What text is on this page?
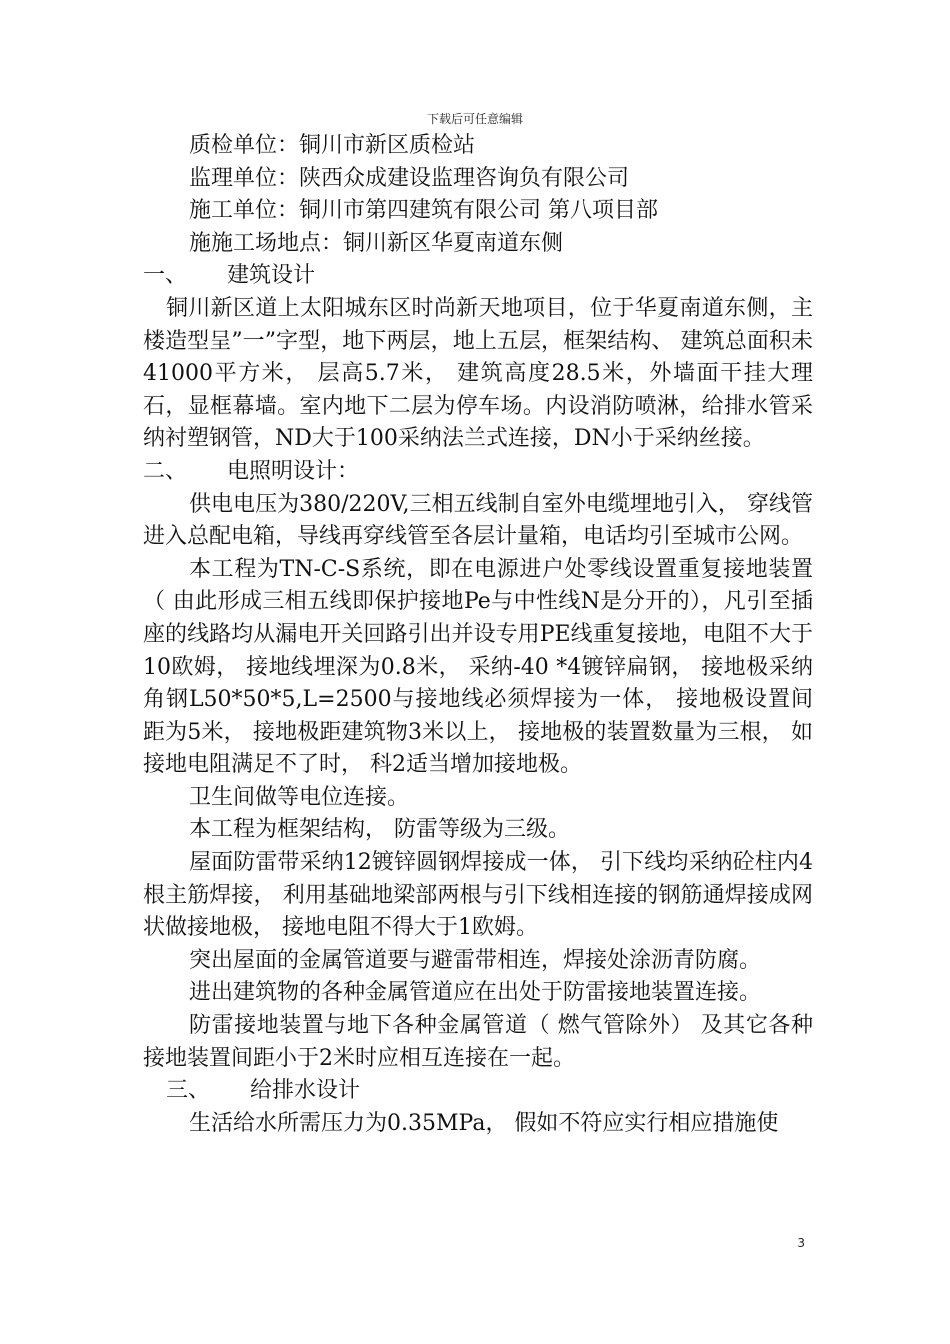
下载后可任意编辑

质检单位：铜川市新区质检站

监理单位：陕西众成建设监理咨询负有限公司

施工单位：铜川市第四建筑有限公司 第八项目部

施施工场地点：铜川新区华夏南道东侧

一、 建筑设计

铜川新区道上太阳城东区时尚新天地项目，位于华夏南道东侧，主楼造型呈”一”字型，地下两层，地上五层，框架结构、 建筑总面积未41000平方米， 层高5.7米， 建筑高度28.5米，外墙面干挂大理石，显框幕墙。室内地下二层为停车场。内设消防喷淋，给排水管采纳衬塑钢管，ND大于100采纳法兰式连接，DN小于采纳丝接。

二、 电照明设计：

供电电压为380/220V,三相五线制自室外电缆埋地引入， 穿线管进入总配电箱，导线再穿线管至各层计量箱，电话均引至城市公网。

本工程为TN-C-S系统，即在电源进户处零线设置重复接地装置（ 由此形成三相五线即保护接地Pe与中性线N是分开的），凡引至插座的线路均从漏电开关回路引出并设专用PE线重复接地，电阻不大于10欧姆， 接地线埋深为0.8米， 采纳-40 *4镀锌扁钢， 接地极采纳角钢L50*50*5,L=2500与接地线必须焊接为一体， 接地极设置间距为5米， 接地极距建筑物3米以上， 接地极的装置数量为三根， 如接地电阻满足不了时， 科2适当增加接地极。

卫生间做等电位连接。

本工程为框架结构， 防雷等级为三级。

屋面防雷带采纳12镀锌圆钢焊接成一体， 引下线均采纳砼柱内4根主筋焊接， 利用基础地梁部两根与引下线相连接的钢筋通焊接成网状做接地极， 接地电阻不得大于1欧姆。

突出屋面的金属管道要与避雷带相连，焊接处涂沥青防腐。

进出建筑物的各种金属管道应在出处于防雷接地装置连接。

防雷接地装置与地下各种金属管道（ 燃气管除外） 及其它各种接地装置间距小于2米时应相互连接在一起。

三、 给排水设计

生活给水所需压力为0.35MPa， 假如不符应实行相应措施使

3
